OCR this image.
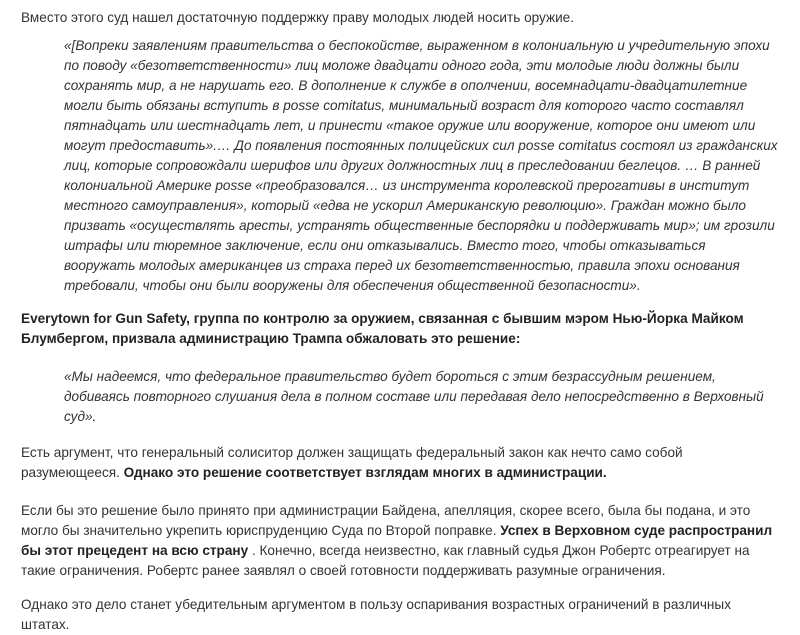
Вместо этого суд нашел достаточную поддержку праву молодых людей носить оружие.

«[Вопреки заявлениям правительства о беспокойстве, выраженном в колониальную и учредительную эпохи по поводу «безответственности» лиц моложе двадцати одного года, эти молодые люди должны были сохранять мир, а не нарушать его. В дополнение к службе в ополчении, восемнадцати-двадцатилетние могли быть обязаны вступить в posse comitatus, минимальный возраст для которого часто составлял пятнадцать или шестнадцать лет, и принести «такое оружие или вооружение, которое они имеют или могут предоставить».… До появления постоянных полицейских сил posse comitatus состоял из гражданских лиц, которые сопровождали шерифов или других должностных лиц в преследовании беглецов. … В ранней колониальной Америке posse «преобразовался… из инструмента королевской прерогативы в институт местного самоуправления», который «едва не ускорил Американскую революцию». Граждан можно было призвать «осуществлять аресты, устранять общественные беспорядки и поддерживать мир»; им грозили штрафы или тюремное заключение, если они отказывались. Вместо того, чтобы отказываться вооружать молодых американцев из страха перед их безответственностью, правила эпохи основания требовали, чтобы они были вооружены для обеспечения общественной безопасности».

Everytown for Gun Safety, группа по контролю за оружием, связанная с бывшим мэром Нью-Йорка Майком Блумбергом, призвала администрацию Трампа обжаловать это решение:

«Мы надеемся, что федеральное правительство будет бороться с этим безрассудным решением, добиваясь повторного слушания дела в полном составе или передавая дело непосредственно в Верховный суд».

Есть аргумент, что генеральный солиситор должен защищать федеральный закон как нечто само собой разумеющееся. Однако это решение соответствует взглядам многих в администрации.

Если бы это решение было принято при администрации Байдена, апелляция, скорее всего, была бы подана, и это могло бы значительно укрепить юриспруденцию Суда по Второй поправке. Успех в Верховном суде распространил бы этот прецедент на всю страну . Конечно, всегда неизвестно, как главный судья Джон Робертс отреагирует на такие ограничения. Робертс ранее заявлял о своей готовности поддерживать разумные ограничения.

Однако это дело станет убедительным аргументом в пользу оспаривания возрастных ограничений в различных штатах.
